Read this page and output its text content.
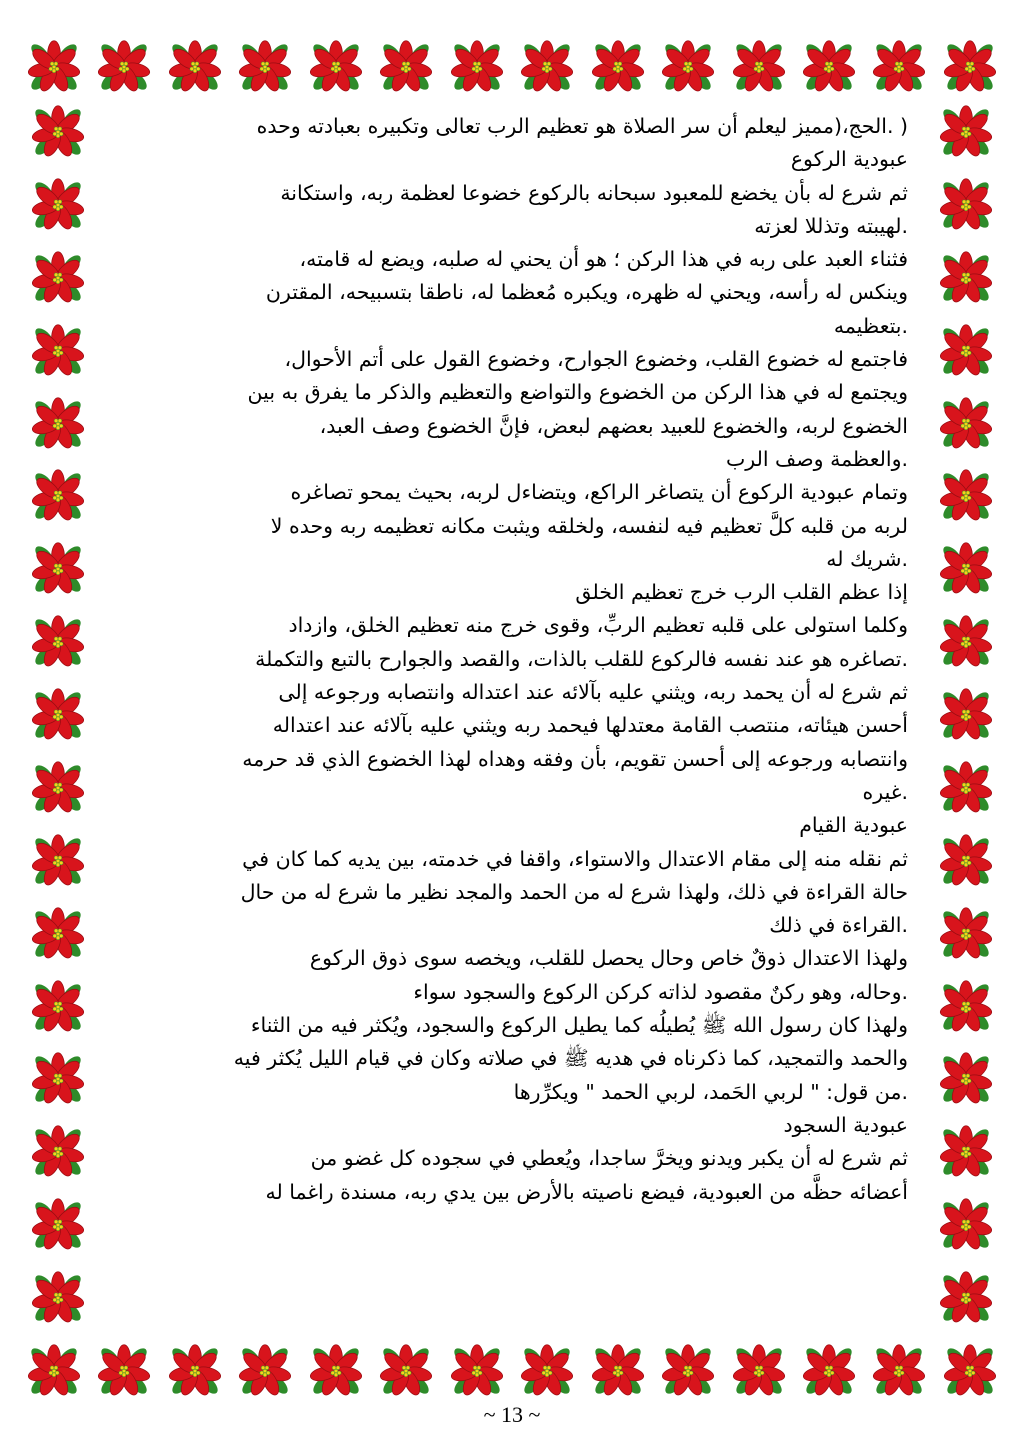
( .الحج،(مميز ليعلم أن سر الصلاة هو تعظيم الرب تعالى وتكبيره بعبادته وحده

عبودية الركوع

ثم شرع له بأن يخضع للمعبود سبحانه بالركوع خضوعا لعظمة ربه، واستكانة

.لهيبته وتذللا لعزته

فثناء العبد على ربه في هذا الركن ؛ هو أن يحني له صلبه، ويضع له قامته،

وينكس له رأسه، ويحني له ظهره، ويكبره مُعظما له، ناطقا بتسبيحه، المقترن

.بتعظيمه

فاجتمع له خضوع القلب، وخضوع الجوارح، وخضوع القول على أتم الأحوال،

ويجتمع له في هذا الركن من الخضوع والتواضع والتعظيم والذكر ما يفرق به بين

الخضوع لربه، والخضوع للعبيد بعضهم لبعض، فإنَّ الخضوع وصف العبد،

.والعظمة وصف الرب

وتمام عبودية الركوع أن يتصاغر الراكع، ويتضاءل لربه، بحيث يمحو تصاغره

لربه من قلبه كلَّ تعظيم فيه لنفسه، ولخلقه ويثبت مكانه تعظيمه ربه وحده لا

.شريك له

إذا عظم القلب الرب خرج تعظيم الخلق

وكلما استولى على قلبه تعظيم الربِّ، وقوى خرج منه تعظيم الخلق، وازداد

.تصاغره هو عند نفسه فالركوع للقلب بالذات، والقصد والجوارح بالتبع والتكملة

ثم شرع له أن يحمد ربه، ويثني عليه بآلائه عند اعتداله وانتصابه ورجوعه إلى

أحسن هيئاته، منتصب القامة معتدلها فيحمد ربه ويثني عليه بآلائه عند اعتداله

وانتصابه ورجوعه إلى أحسن تقويم، بأن وفقه وهداه لهذا الخضوع الذي قد حرمه

.غيره

عبودية القيام

ثم نقله منه إلى مقام الاعتدال والاستواء، واقفا في خدمته، بين يديه كما كان في

حالة القراءة في ذلك، ولهذا شرع له من الحمد والمجد نظير ما شرع له من حال

.القراءة في ذلك

ولهذا الاعتدال ذوقٌ خاص وحال يحصل للقلب، ويخصه سوى ذوق الركوع

.وحاله، وهو ركنٌ مقصود لذاته كركن الركوع والسجود سواء

ولهذا كان رسول الله ﷺ يُطيلُه كما يطيل الركوع والسجود، ويُكثر فيه من الثناء

والحمد والتمجيد، كما ذكرناه في هديه ﷺ في صلاته وكان في قيام الليل يُكثر فيه

.من قول: " لربي الحَمد، لربي الحمد " ويكرِّرها

عبودية السجود

ثم شرع له أن يكبر ويدنو ويخرَّ ساجدا، ويُعطي في سجوده كل غضو من

أعضائه حظَّه من العبودية، فيضع ناصيته بالأرض بين يدي ربه، مسندة راغما له

~ 13 ~
